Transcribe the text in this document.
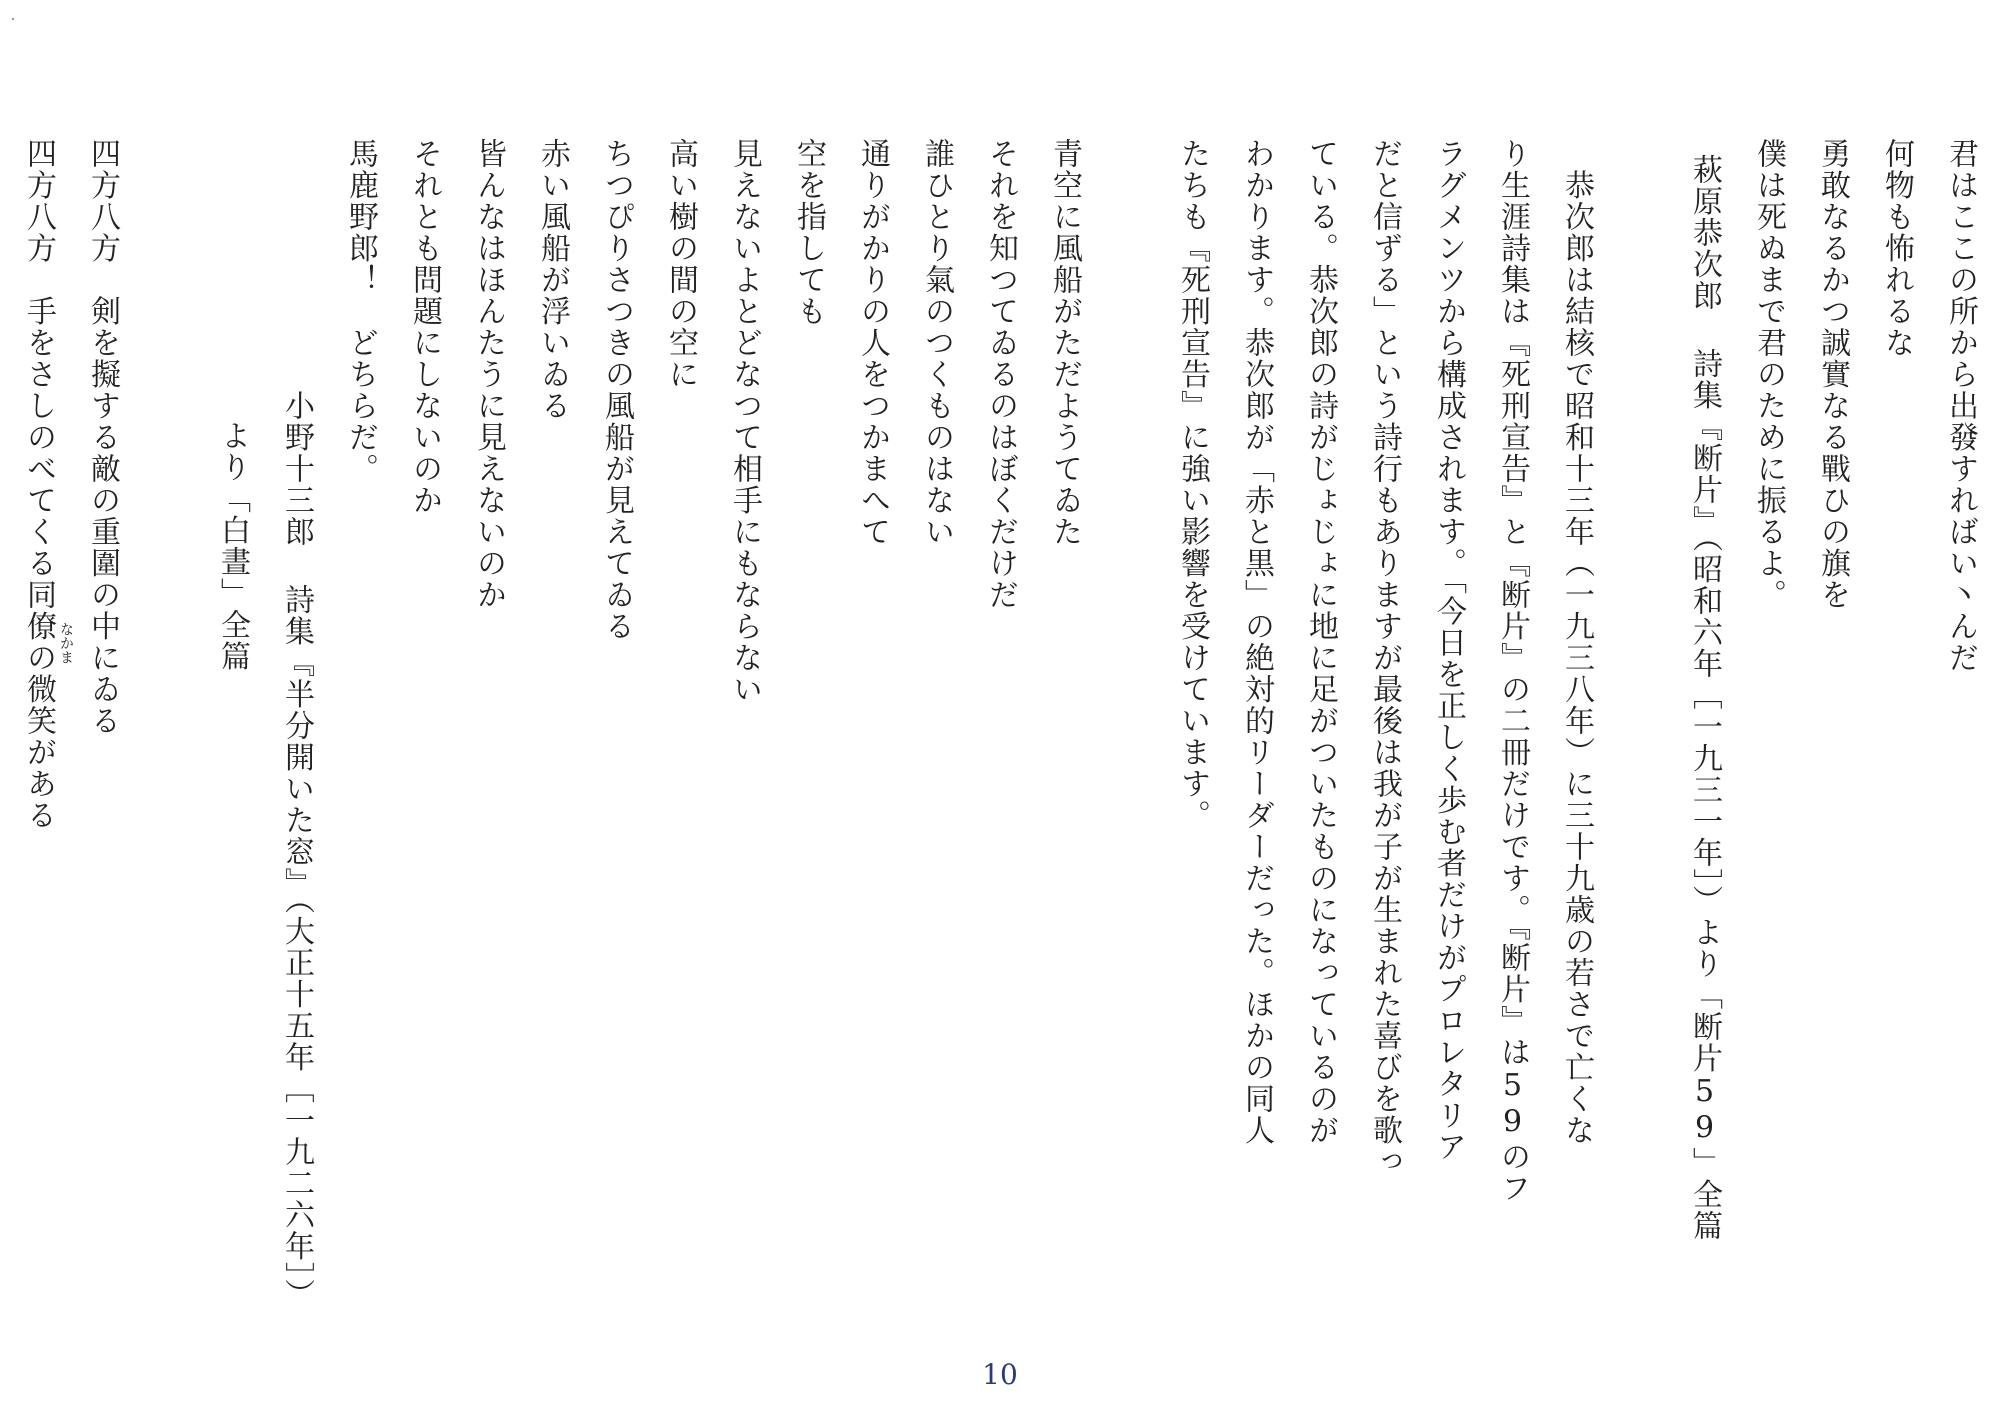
君はここの所から出發すればい丶んだ
何物も怖れるな
勇敢なるかつ誠實なる戰ひの旗を
僕は死ぬまで君のために振るよ。
萩原恭次郎 詩集『断片』（昭和六年［一九三一年］）より「断片59」全篇
　恭次郎は結核で昭和十三年（一九三八年）に三十九歳の若さで亡くな
り生涯詩集は『死刑宣告』と『断片』の二冊だけです。『断片』は59のフ
ラグメンツから構成されます。「今日を正しく歩む者だけがプロレタリア
だと信ずる」という詩行もありますが最後は我が子が生まれた喜びを歌っ
ている。恭次郎の詩がじょじょに地に足がついたものになっているのが
わかります。恭次郎が「赤と黒」の絶対的リーダーだった。ほかの同人
たちも『死刑宣告』に強い影響を受けています。
青空に風船がただようてゐた
それを知つてゐるのはぼくだけだ
誰ひとり氣のつくものはない
通りがかりの人をつかまへて
空を指しても
見えないよとどなつて相手にもならない
高い樹の間の空に
ちつぴりさつきの風船が見えてゐる
赤い風船が浮いゐる
皆んなはほんたうに見えないのか
それとも問題にしないのか
馬鹿野郎！　どちらだ。
小野十三郎 詩集『半分開いた窓』（大正十五年［一九二六年］）
より「白晝」全篇
四方八方　剣を擬する敵の重圍の中にゐる
四方八方　手をさしのべてくる同僚の微笑がある なかま
10
